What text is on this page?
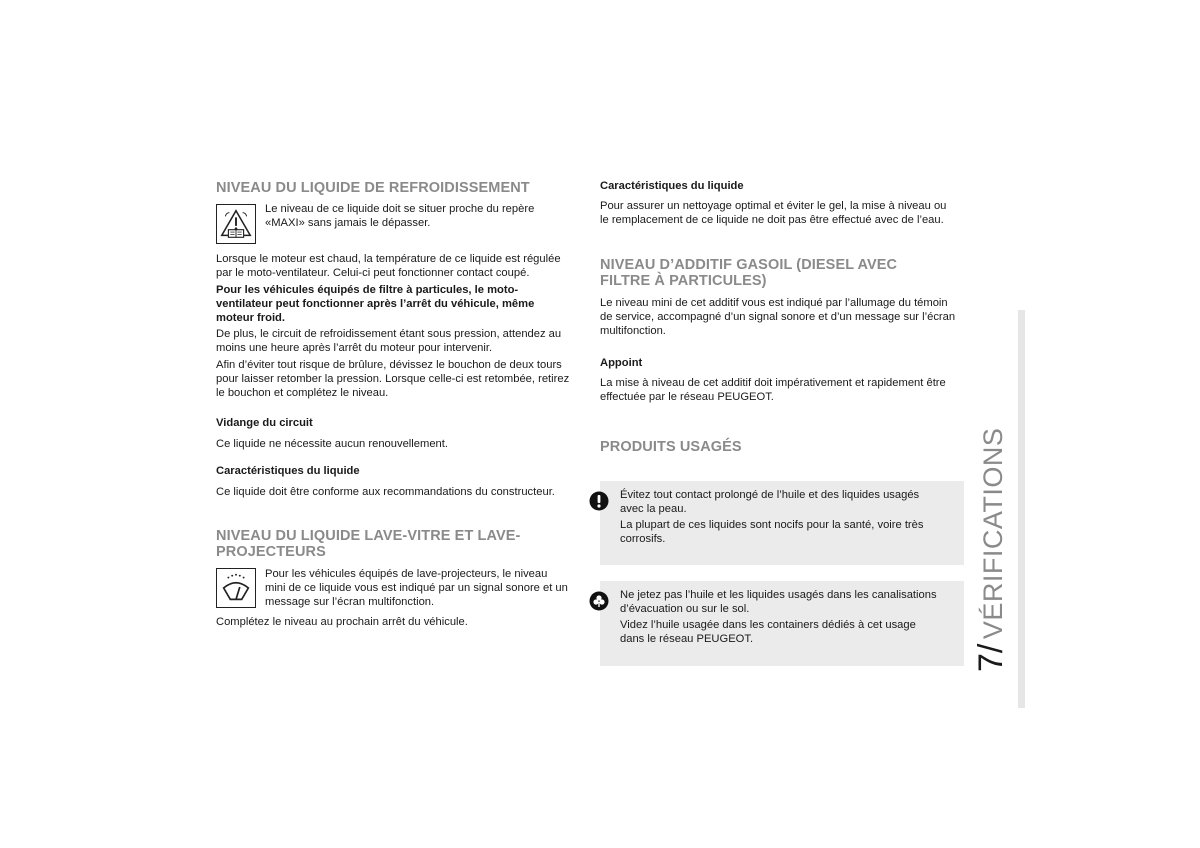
NIVEAU DU LIQUIDE DE REFROIDISSEMENT

Le niveau de ce liquide doit se situer proche du repère

«MAXI» sans jamais le dépasser.

Lorsque le moteur est chaud, la température de ce liquide est régulée

par le moto-ventilateur. Celui-ci peut fonctionner contact coupé.

Pour les véhicules équipés de filtre à particules, le moto-

ventilateur peut fonctionner après l’arrêt du véhicule, même

moteur froid.

De plus, le circuit de refroidissement étant sous pression, attendez au

moins une heure après l’arrêt du moteur pour intervenir.

Afin d’éviter tout risque de brûlure, dévissez le bouchon de deux tours

pour laisser retomber la pression. Lorsque celle-ci est retombée, retirez

le bouchon et complétez le niveau.

Vidange du circuit

Ce liquide ne nécessite aucun renouvellement.

Caractéristiques du liquide

Ce liquide doit être conforme aux recommandations du constructeur.

NIVEAU DU LIQUIDE LAVE-VITRE ET LAVE-
PROJECTEURS

Pour les véhicules équipés de lave-projecteurs, le niveau

mini de ce liquide vous est indiqué par un signal sonore et un

message sur l’écran multifonction.

Complétez le niveau au prochain arrêt du véhicule.

Caractéristiques du liquide

Pour assurer un nettoyage optimal et éviter le gel, la mise à niveau ou

le remplacement de ce liquide ne doit pas être effectué avec de l’eau.

NIVEAU D’ADDITIF GASOIL (DIESEL AVEC
FILTRE À PARTICULES)

Le niveau mini de cet additif vous est indiqué par l’allumage du témoin

de service, accompagné d’un signal sonore et d’un message sur l’écran

multifonction.

Appoint

La mise à niveau de cet additif doit impérativement et rapidement être

effectuée par le réseau PEUGEOT.

PRODUITS USAGÉS

Évitez tout contact prolongé de l’huile et des liquides usagés

avec la peau.

La plupart de ces liquides sont nocifs pour la santé, voire très

corrosifs.

Ne jetez pas l’huile et les liquides usagés dans les canalisations

d’évacuation ou sur le sol.

Videz l’huile usagée dans les containers dédiés à cet usage

dans le réseau PEUGEOT.

7/ VÉRIFICATIONS
